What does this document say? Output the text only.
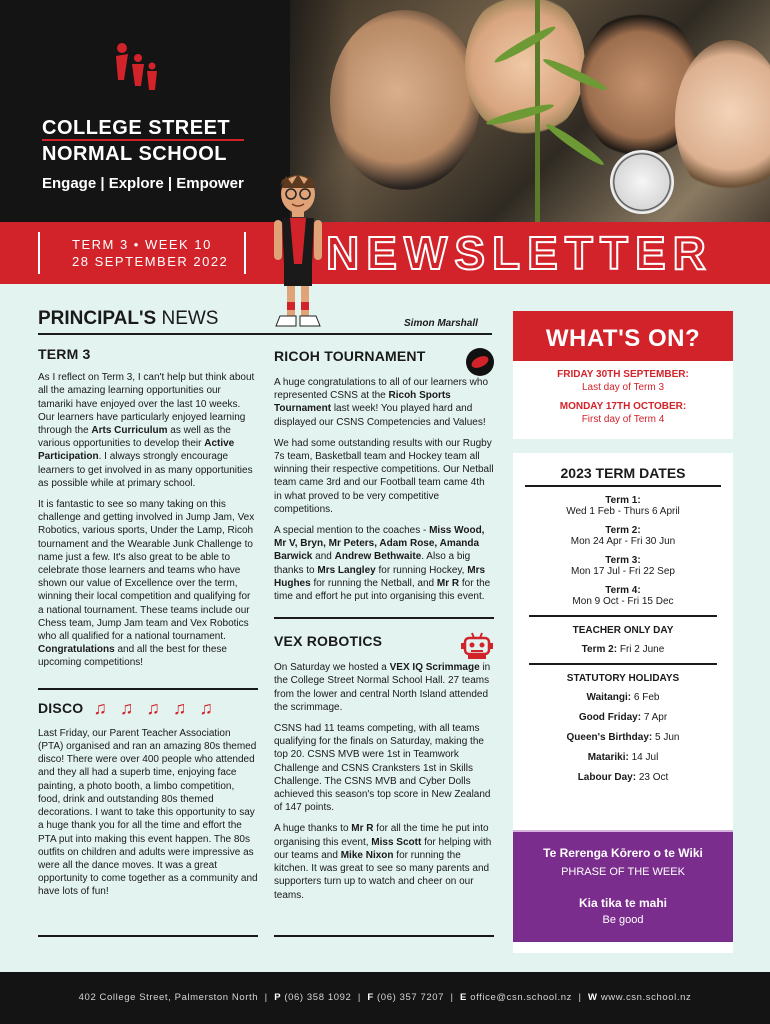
COLLEGE STREET
NORMAL SCHOOL
Engage | Explore | Empower
TERM 3 • WEEK 10
28 SEPTEMBER 2022 NEWSLETTER
PRINCIPAL'S NEWS	Simon Marshall
TERM 3

As I reflect on Term 3, I can't help but think about all the amazing learning opportunities our tamariki have enjoyed over the last 10 weeks. Our learners have particularly enjoyed learning through the Arts Curriculum as well as the various opportunities to develop their Active Participation. I always strongly encourage learners to get involved in as many opportunities as possible while at primary school.

It is fantastic to see so many taking on this challenge and getting involved in Jump Jam, Vex Robotics, various sports, Under the Lamp, Ricoh tournament and the Wearable Junk Challenge to name just a few. It's also great to be able to celebrate those learners and teams who have shown our value of Excellence over the term, winning their local competition and qualifying for a national tournament. These teams include our Chess team, Jump Jam team and Vex Robotics who all qualified for a national tournament. Congratulations and all the best for these upcoming competitions!

DISCO ♫ ♫ ♫ ♫ ♫

Last Friday, our Parent Teacher Association (PTA) organised and ran an amazing 80s themed disco! There were over 400 people who attended and they all had a superb time, enjoying face painting, a photo booth, a limbo competition, food, drink and outstanding 80s themed decorations. I want to take this opportunity to say a huge thank you for all the time and effort the PTA put into making this event happen. The 80s outfits on children and adults were impressive as were all the dance moves. It was a great opportunity to come together as a community and have lots of fun!

RICOH TOURNAMENT

A huge congratulations to all of our learners who represented CSNS at the Ricoh Sports Tournament last week! You played hard and displayed our CSNS Competencies and Values!

We had some outstanding results with our Rugby 7s team, Basketball team and Hockey team all winning their respective competitions. Our Netball team came 3rd and our Football team came 4th in what proved to be very competitive competitions.

A special mention to the coaches - Miss Wood, Mr V, Bryn, Mr Peters, Adam Rose, Amanda Barwick and Andrew Bethwaite. Also a big thanks to Mrs Langley for running Hockey, Mrs Hughes for running the Netball, and Mr R for the time and effort he put into organising this event.

VEX ROBOTICS

On Saturday we hosted a VEX IQ Scrimmage in the College Street Normal School Hall. 27 teams from the lower and central North Island attended the scrimmage.

CSNS had 11 teams competing, with all teams qualifying for the finals on Saturday, making the top 20. CSNS MVB were 1st in Teamwork Challenge and CSNS Cranksters 1st in Skills Challenge. The CSNS MVB and Cyber Dolls achieved this season's top score in New Zealand of 147 points.

A huge thanks to Mr R for all the time he put into organising this event, Miss Scott for helping with our teams and Mike Nixon for running the kitchen. It was great to see so many parents and supporters turn up to watch and cheer on our teams.

WHAT'S ON?
FRIDAY 30TH SEPTEMBER:
Last day of Term 3
MONDAY 17TH OCTOBER:
First day of Term 4
2023 TERM DATES
Term 1:
Wed 1 Feb - Thurs 6 April
Term 2:
Mon 24 Apr - Fri 30 Jun
Term 3:
Mon 17 Jul - Fri 22 Sep
Term 4:
Mon 9 Oct - Fri 15 Dec
TEACHER ONLY DAY
Term 2: Fri 2 June
STATUTORY HOLIDAYS
Waitangi: 6 Feb
Good Friday: 7 Apr
Queen's Birthday: 5 Jun
Matariki: 14 Jul
Labour Day: 23 Oct
Te Rerenga Kōrero o te Wiki
PHRASE OF THE WEEK
Kia tika te mahi
Be good
402 College Street, Palmerston North  |  P (06) 358 1092  |  F (06) 357 7207  |  E office@csn.school.nz  |  W www.csn.school.nz
